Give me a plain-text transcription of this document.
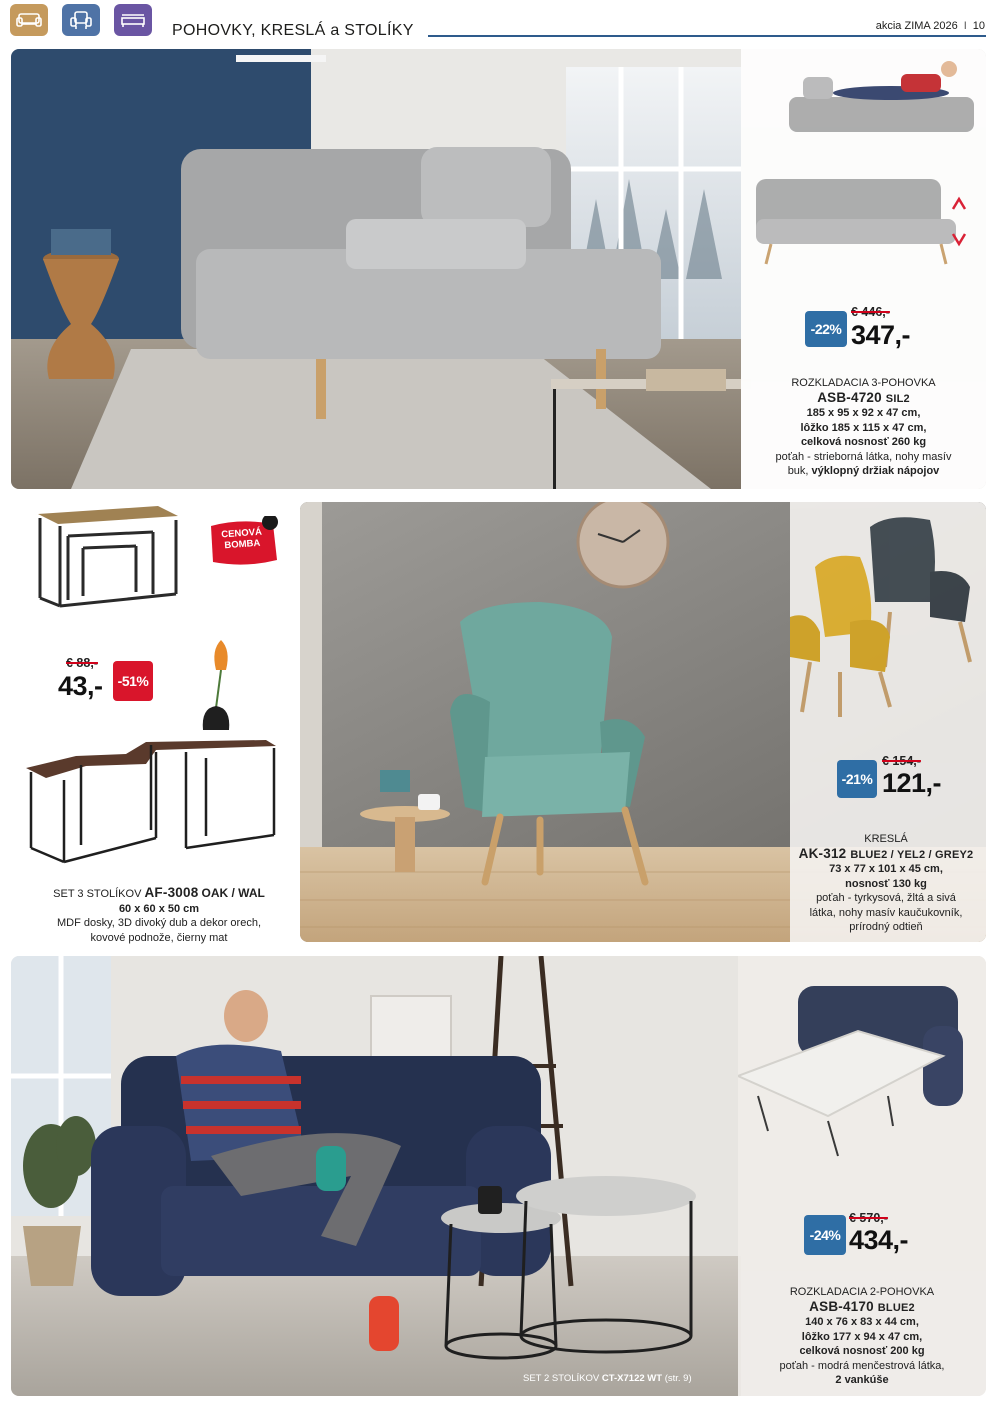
POHOVKY, KRESLÁ a STOLÍKY	akcia ZIMA 2026 I 10
-22%
€ 446,-
347,-
ROZKLADACIA 3-POHOVKA
ASB-4720 SIL2
185 x 95 x 92 x 47 cm,
lôžko 185 x 115 x 47 cm,
celková nosnosť 260 kg
poťah - strieborná látka, nohy masív
buk, výklopný držiak nápojov
CENOVÁ
BOMBA
€ 88,-
43,-	-51%
SET 3 STOLÍKOV AF-3008 OAK / WAL
60 x 60 x 50 cm
MDF dosky, 3D divoký dub a dekor orech,
kovové podnože, čierny mat
-21%
€ 154,-
121,-
KRESLÁ
AK-312 BLUE2 / YEL2 / GREY2
73 x 77 x 101 x 45 cm,
nosnosť 130 kg
poťah - tyrkysová, žltá a sivá
látka, nohy masív kaučukovník,
prírodný odtieň
-24%
€ 570,-
434,-
ROZKLADACIA 2-POHOVKA
ASB-4170 BLUE2
140 x 76 x 83 x 44 cm,
lôžko 177 x 94 x 47 cm,
celková nosnosť 200 kg
poťah - modrá menčestrová látka,
2 vankúše
SET 2 STOLÍKOV CT-X7122 WT (str. 9)
